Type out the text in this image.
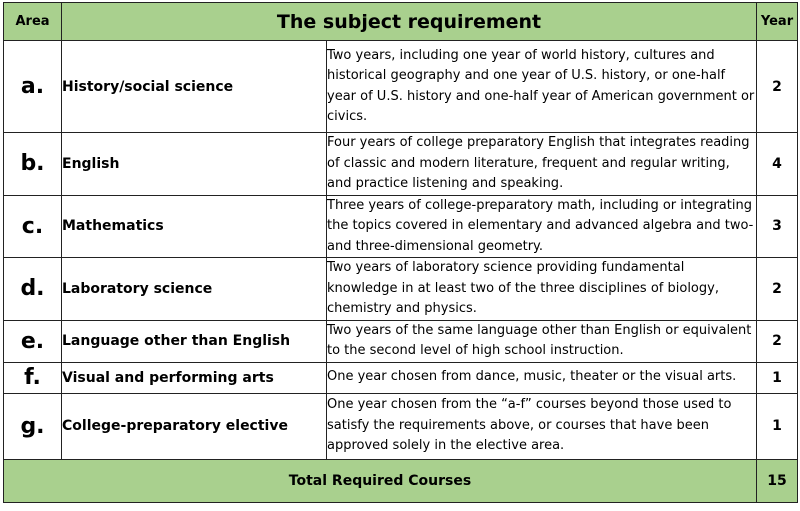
Area	The subject requirement		Year
a.	History/social science	Two years, including one year of world history, cultures and historical geography and one year of U.S. history, or one-half year of U.S. history and one-half year of American government or civics.	2
b.	English	Four years of college preparatory English that integrates reading of classic and modern literature, frequent and regular writing, and practice listening and speaking.	4
c.	Mathematics	Three years of college-preparatory math, including or integrating the topics covered in elementary and advanced algebra and two- and three-dimensional geometry.	3
d.	Laboratory science	Two years of laboratory science providing fundamental knowledge in at least two of the three disciplines of biology, chemistry and physics.	2
e.	Language other than English	Two years of the same language other than English or equivalent to the second level of high school instruction.	2
f.	Visual and performing arts	One year chosen from dance, music, theater or the visual arts.	1
g.	College-preparatory elective	One year chosen from the “a-f” courses beyond those used to satisfy the requirements above, or courses that have been approved solely in the elective area.	1
Total Required Courses			15
